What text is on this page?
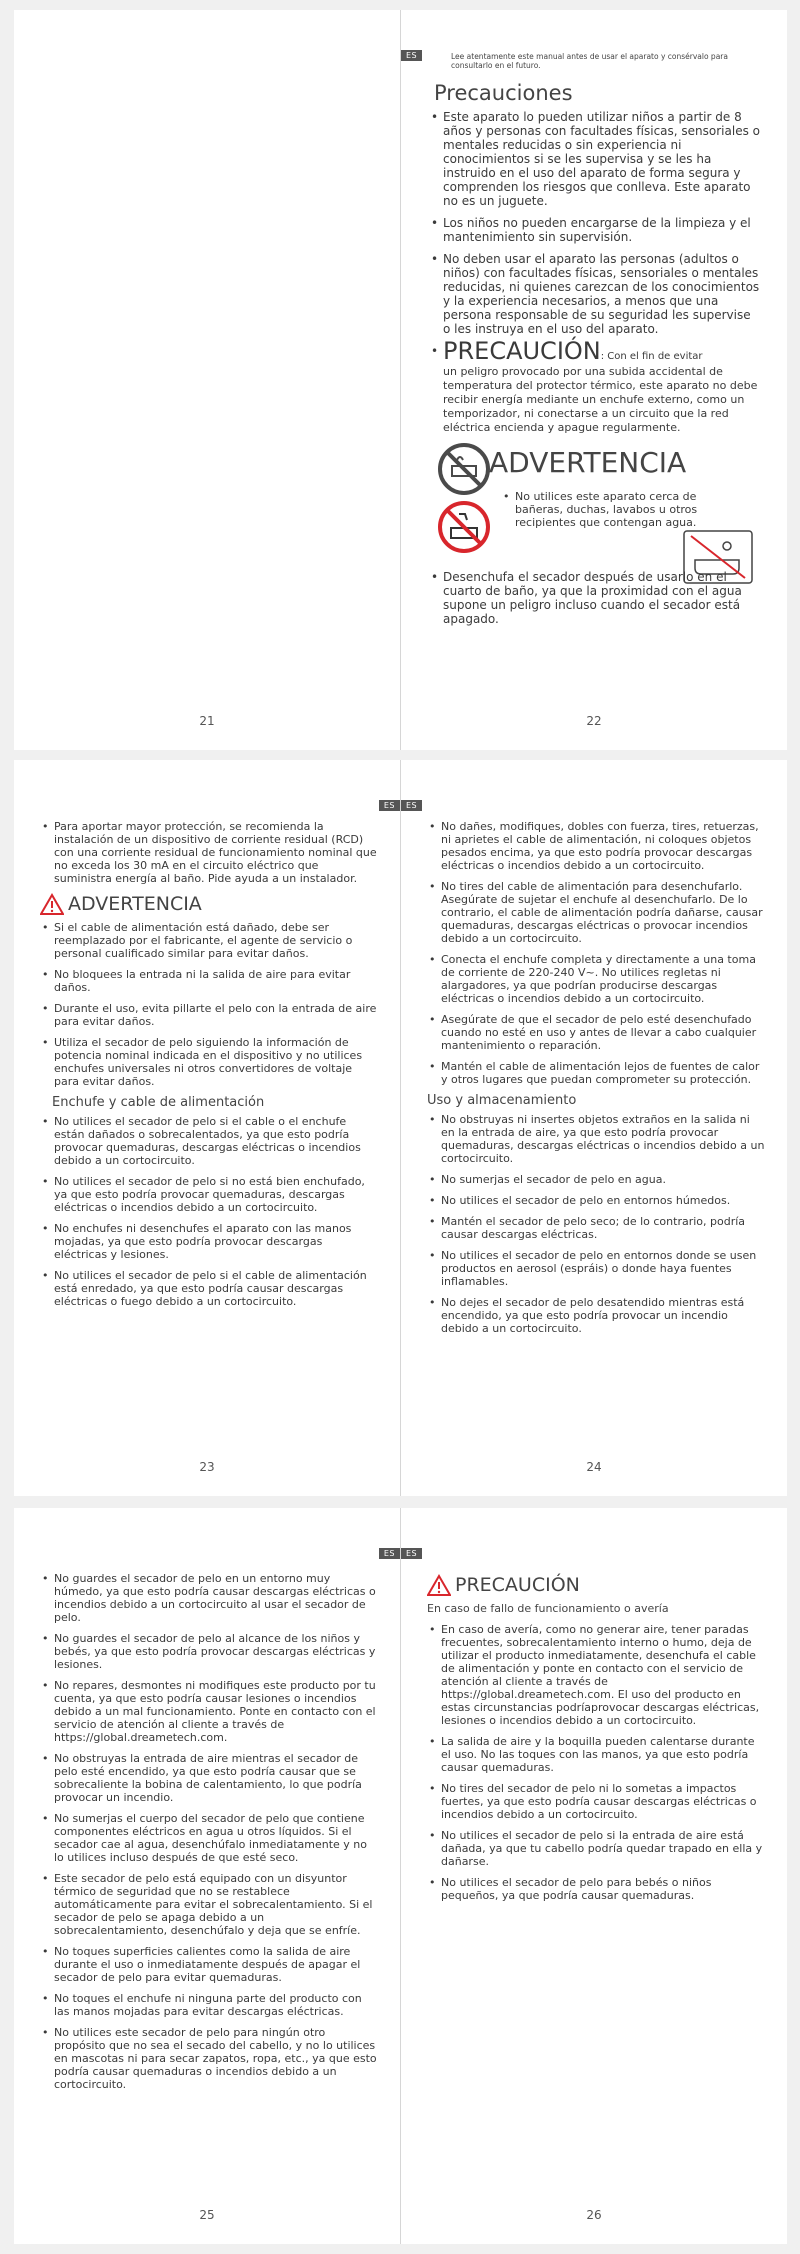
21
ES	Lee atentamente este manual antes de usar el aparato y consérvalo para consultarlo en el futuro.
Precauciones
• Este aparato lo pueden utilizar niños a partir de 8 años y personas con facultades físicas, sensoriales o mentales reducidas o sin experiencia ni conocimientos si se les supervisa y se les ha instruido en el uso del aparato de forma segura y comprenden los riesgos que conlleva. Este aparato no es un juguete.
• Los niños no pueden encargarse de la limpieza y el mantenimiento sin supervisión.
• No deben usar el aparato las personas (adultos o niños) con facultades físicas, sensoriales o mentales reducidas, ni quienes carezcan de los conocimientos y la experiencia necesarios, a menos que una persona responsable de su seguridad les supervise o les instruya en el uso del aparato.
• PRECAUCIÓN: Con el fin de evitar
un peligro provocado por una subida accidental de temperatura del protector térmico, este aparato no debe recibir energía mediante un enchufe externo, como un temporizador, ni conectarse a un circuito que la red eléctrica encienda y apague regularmente.
ADVERTENCIA
• No utilices este aparato cerca de bañeras, duchas, lavabos u otros recipientes que contengan agua.
• Desenchufa el secador después de usarlo en el cuarto de baño, ya que la proximidad con el agua supone un peligro incluso cuando el secador está apagado.
22
ES
• Para aportar mayor protección, se recomienda la instalación de un dispositivo de corriente residual (RCD) con una corriente residual de funcionamiento nominal que no exceda los 30 mA en el circuito eléctrico que suministra energía al baño. Pide ayuda a un instalador.
ADVERTENCIA
• Si el cable de alimentación está dañado, debe ser reemplazado por el fabricante, el agente de servicio o personal cualificado similar para evitar daños.
• No bloquees la entrada ni la salida de aire para evitar daños.
• Durante el uso, evita pillarte el pelo con la entrada de aire para evitar daños.
• Utiliza el secador de pelo siguiendo la información de potencia nominal indicada en el dispositivo y no utilices enchufes universales ni otros convertidores de voltaje para evitar daños.
Enchufe y cable de alimentación
• No utilices el secador de pelo si el cable o el enchufe están dañados o sobrecalentados, ya que esto podría provocar quemaduras, descargas eléctricas o incendios debido a un cortocircuito.
• No utilices el secador de pelo si no está bien enchufado, ya que esto podría provocar quemaduras, descargas eléctricas o incendios debido a un cortocircuito.
• No enchufes ni desenchufes el aparato con las manos mojadas, ya que esto podría provocar descargas eléctricas y lesiones.
• No utilices el secador de pelo si el cable de alimentación está enredado, ya que esto podría causar descargas eléctricas o fuego debido a un cortocircuito.
23
ES
• No dañes, modifiques, dobles con fuerza, tires, retuerzas, ni aprietes el cable de alimentación, ni coloques objetos pesados encima, ya que esto podría provocar descargas eléctricas o incendios debido a un cortocircuito.
• No tires del cable de alimentación para desenchufarlo. Asegúrate de sujetar el enchufe al desenchufarlo. De lo contrario, el cable de alimentación podría dañarse, causar quemaduras, descargas eléctricas o provocar incendios debido a un cortocircuito.
• Conecta el enchufe completa y directamente a una toma de corriente de 220-240 V~. No utilices regletas ni alargadores, ya que podrían producirse descargas eléctricas o incendios debido a un cortocircuito.
• Asegúrate de que el secador de pelo esté desenchufado cuando no esté en uso y antes de llevar a cabo cualquier mantenimiento o reparación.
• Mantén el cable de alimentación lejos de fuentes de calor y otros lugares que puedan comprometer su protección.
Uso y almacenamiento
• No obstruyas ni insertes objetos extraños en la salida ni en la entrada de aire, ya que esto podría provocar quemaduras, descargas eléctricas o incendios debido a un cortocircuito.
• No sumerjas el secador de pelo en agua.
• No utilices el secador de pelo en entornos húmedos.
• Mantén el secador de pelo seco; de lo contrario, podría causar descargas eléctricas.
• No utilices el secador de pelo en entornos donde se usen productos en aerosol (espráis) o donde haya fuentes inflamables.
• No dejes el secador de pelo desatendido mientras está encendido, ya que esto podría provocar un incendio debido a un cortocircuito.
24
ES
• No guardes el secador de pelo en un entorno muy húmedo, ya que esto podría causar descargas eléctricas o incendios debido a un cortocircuito al usar el secador de pelo.
• No guardes el secador de pelo al alcance de los niños y bebés, ya que esto podría provocar descargas eléctricas y lesiones.
• No repares, desmontes ni modifiques este producto por tu cuenta, ya que esto podría causar lesiones o incendios debido a un mal funcionamiento. Ponte en contacto con el servicio de atención al cliente a través de https://global.dreametech.com.
• No obstruyas la entrada de aire mientras el secador de pelo esté encendido, ya que esto podría causar que se sobrecaliente la bobina de calentamiento, lo que podría provocar un incendio.
• No sumerjas el cuerpo del secador de pelo que contiene componentes eléctricos en agua u otros líquidos. Si el secador cae al agua, desenchúfalo inmediatamente y no lo utilices incluso después de que esté seco.
• Este secador de pelo está equipado con un disyuntor térmico de seguridad que no se restablece automáticamente para evitar el sobrecalentamiento. Si el secador de pelo se apaga debido a un sobrecalentamiento, desenchúfalo y deja que se enfríe.
• No toques superficies calientes como la salida de aire durante el uso o inmediatamente después de apagar el secador de pelo para evitar quemaduras.
• No toques el enchufe ni ninguna parte del producto con las manos mojadas para evitar descargas eléctricas.
• No utilices este secador de pelo para ningún otro propósito que no sea el secado del cabello, y no lo utilices en mascotas ni para secar zapatos, ropa, etc., ya que esto podría causar quemaduras o incendios debido a un cortocircuito.
25
ES
PRECAUCIÓN
En caso de fallo de funcionamiento o avería
• En caso de avería, como no generar aire, tener paradas frecuentes, sobrecalentamiento interno o humo, deja de utilizar el producto inmediatamente, desenchufa el cable de alimentación y ponte en contacto con el servicio de atención al cliente a través de https://global.dreametech.com. El uso del producto en estas circunstancias podríaprovocar descargas eléctricas, lesiones o incendios debido a un cortocircuito.
• La salida de aire y la boquilla pueden calentarse durante el uso. No las toques con las manos, ya que esto podría causar quemaduras.
• No tires del secador de pelo ni lo sometas a impactos fuertes, ya que esto podría causar descargas eléctricas o incendios debido a un cortocircuito.
• No utilices el secador de pelo si la entrada de aire está dañada, ya que tu cabello podría quedar trapado en ella y dañarse.
• No utilices el secador de pelo para bebés o niños pequeños, ya que podría causar quemaduras.
26
